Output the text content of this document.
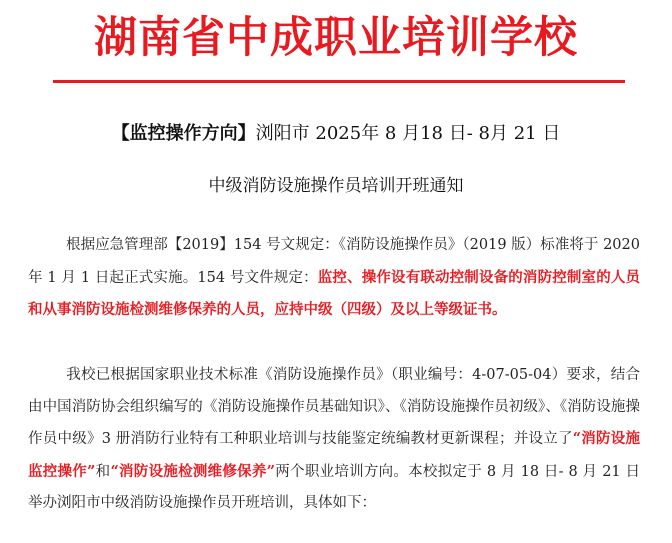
湖南省中成职业培训学校
【监控操作方向】浏阳市 2025年 8 月18 日- 8月 21 日
中级消防设施操作员培训开班通知
根据应急管理部【2019】154 号文规定：《消防设施操作员》（2019 版）标准将于 2020 年 1 月 1 日起正式实施。154 号文件规定：监控、操作设有联动控制设备的消防控制室的人员和从事消防设施检测维修保养的人员，应持中级（四级）及以上等级证书。
我校已根据国家职业技术标准《消防设施操作员》（职业编号：4-07-05-04）要求，结合由中国消防协会组织编写的《消防设施操作员基础知识》、《消防设施操作员初级》、《消防设施操作员中级》3 册消防行业特有工种职业培训与技能鉴定统编教材更新课程；并设立了“消防设施监控操作”和“消防设施检测维修保养”两个职业培训方向。本校拟定于 8 月 18 日- 8 月 21 日举办浏阳市中级消防设施操作员开班培训，具体如下：
